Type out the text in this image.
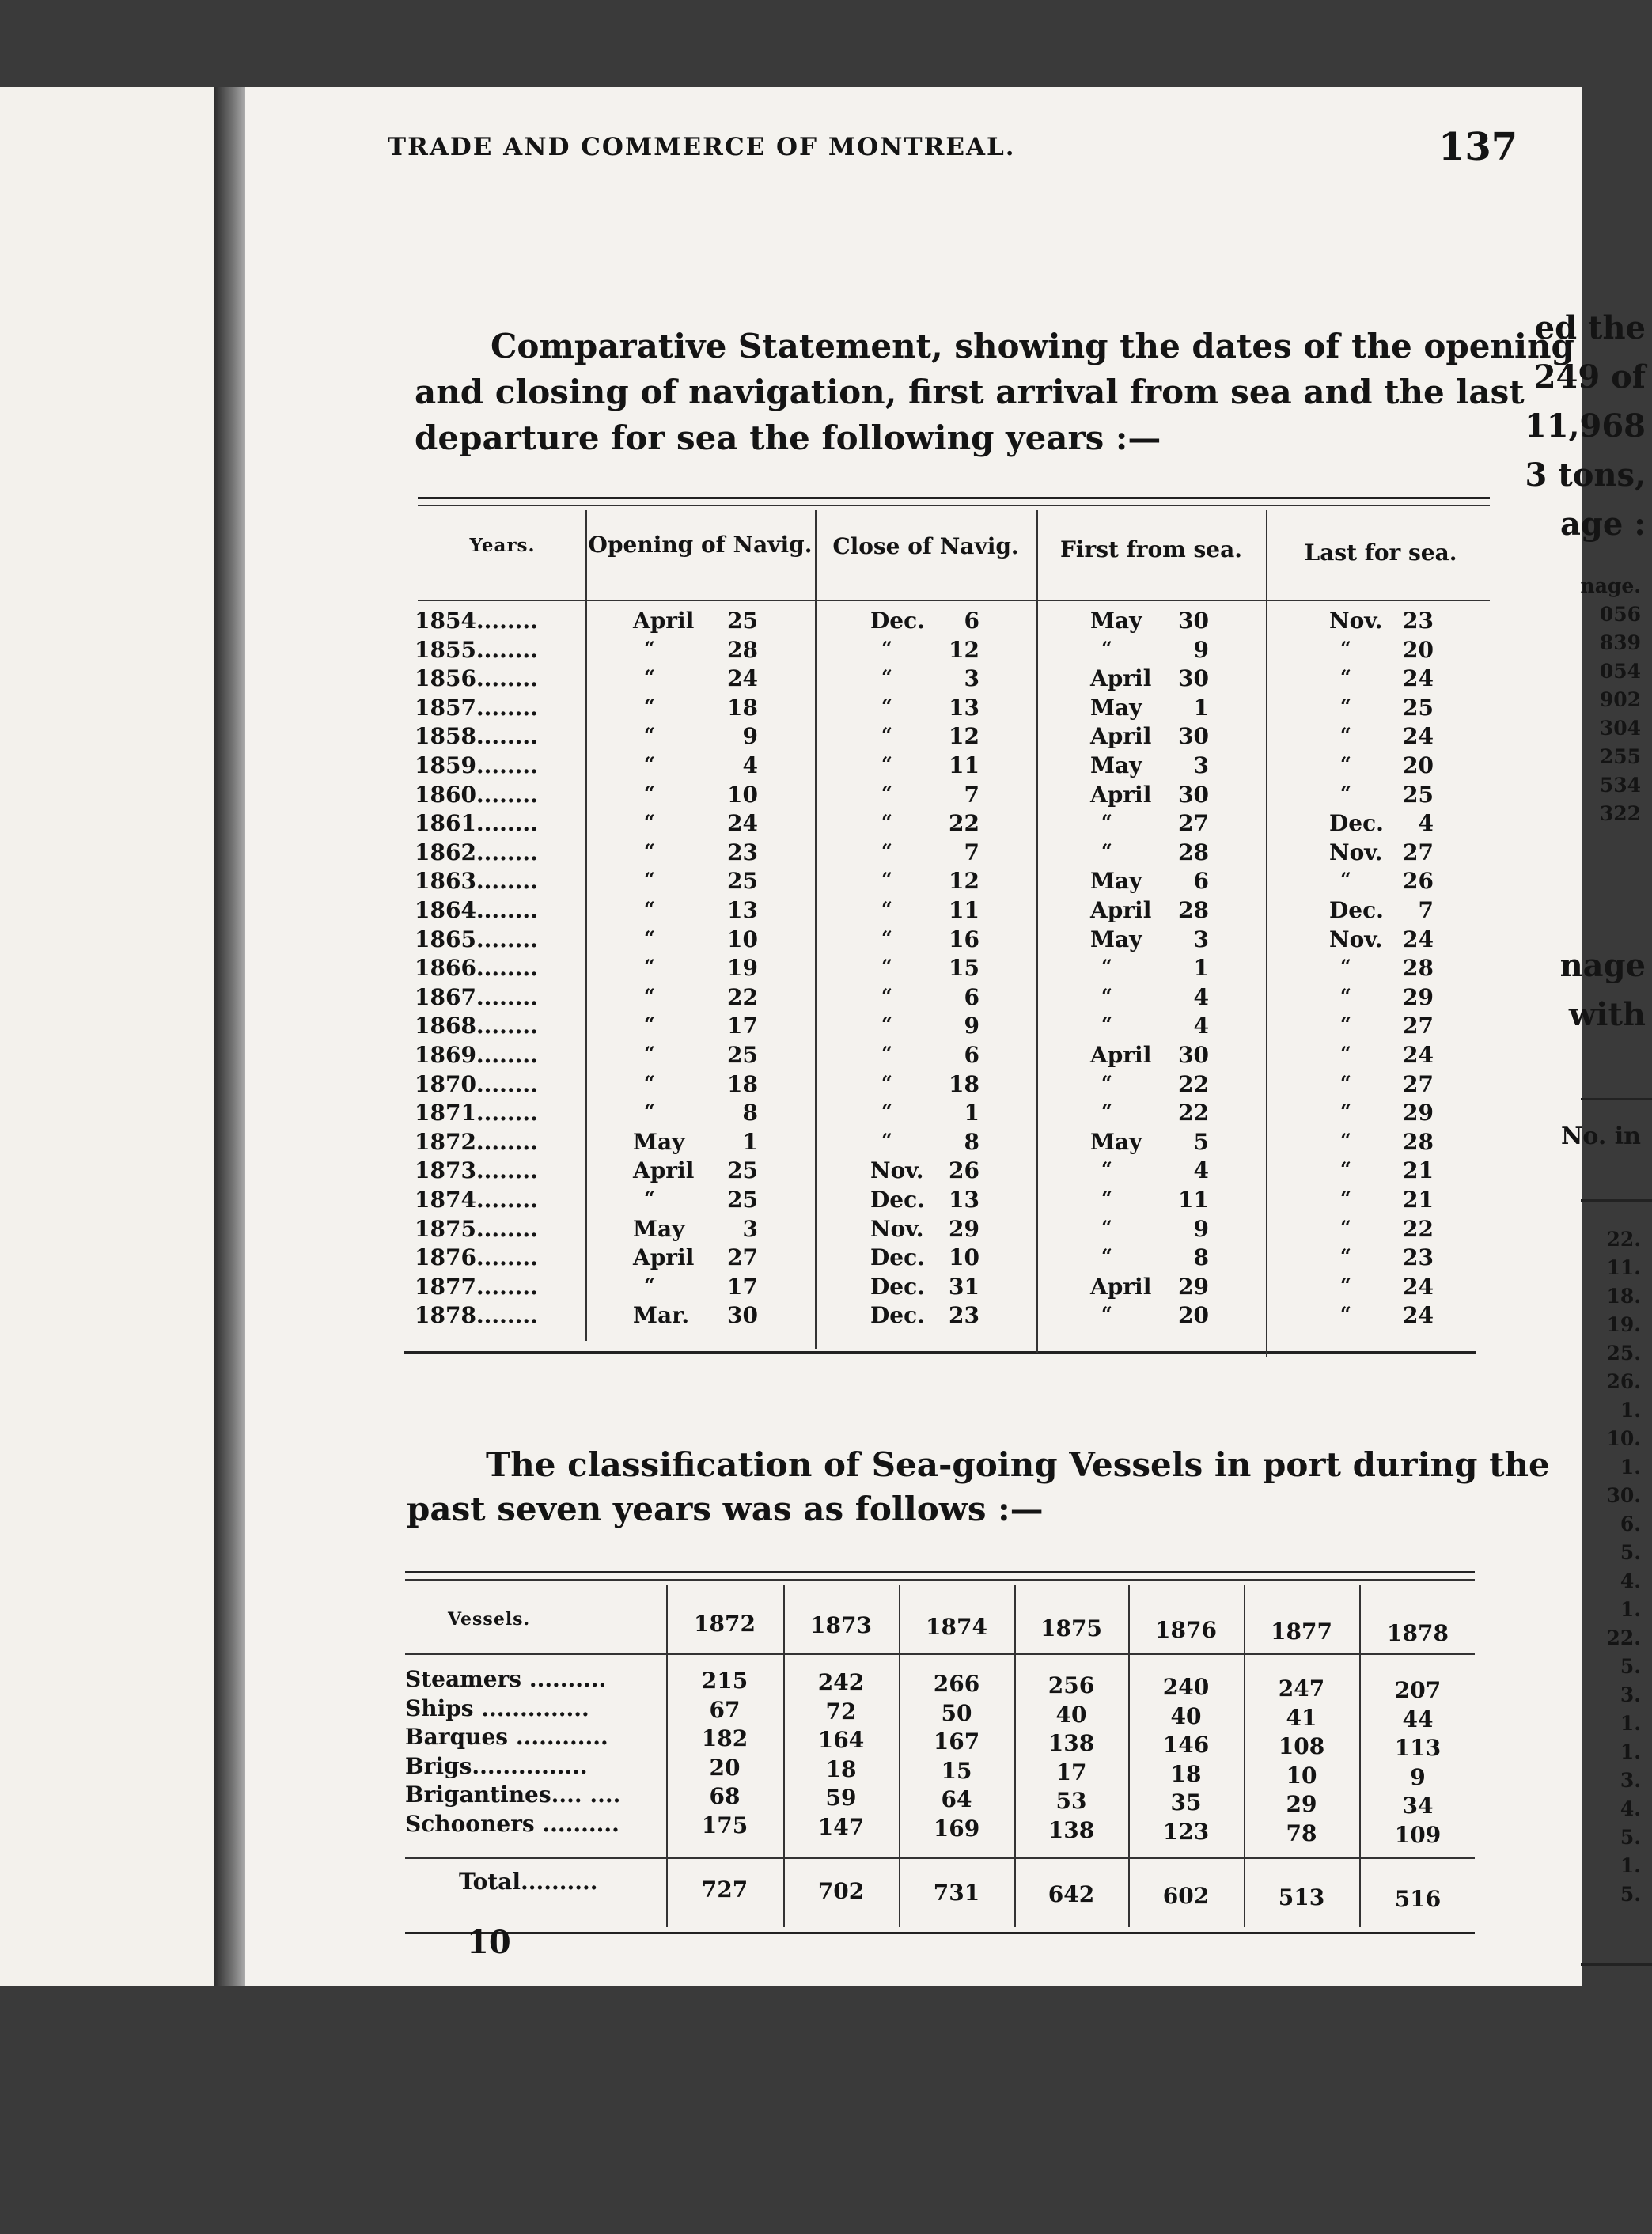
ed the
249 of
11,968
3 tons,
age :
nage.
056
839
054
902
304
255
534
322
nage
with
No. in
22.
11.
18.
19.
25.
26.
1.
10.
1.
30.
6.
5.
4.
1.
22.
5.
3.
1.
1.
3.
4.
5.
1.
5.
TRADE AND COMMERCE OF MONTREAL.	137

Comparative Statement, showing the dates of the opening

and closing of navigation, first arrival from sea and the last

departure for sea the following years :—

Years.	Opening of Navig. Close of Navig.	First from sea.	Last for sea.
1854........	April	25	Dec.	6	May	30	Nov. 23
1855........	“	28	“	12	“	9	“	20
1856........	“	24	“	3	April	30	“	24
1857........	“	18	“	13	May	1	“	25
1858........	“	9	“	12	April	30	“	24
1859........	“	4	“	11	May	3	“	20
1860........	“	10	“	7	April	30	“	25
1861........	“	24	“	22	“	27	Dec.	4
1862........	“	23	“	7	“	28	Nov. 27
1863........	“	25	“	12	May	6	“	26
1864........	“	13	“	11	April	28	Dec.	7
1865........	“	10	“	16	May	3	Nov. 24
1866........	“	19	“	15	“	1	“	28
1867........	“	22	“	6	“	4	“	29
1868........	“	17	“	9	“	4	“	27
1869........	“	25	“	6	April	30	“	24
1870........	“	18	“	18	“	22	“	27
1871........	“	8	“	1	“	22	“	29
1872........	May	1	“	8	May	5	“	28
1873........	April	25	Nov.	26	“	4	“	21
1874........	“	25	Dec.	13	“	11	“	21
1875........	May	3	Nov.	29	“	9	“	22
1876........	April	27	Dec.	10	“	8	“	23
1877........	“	17	Dec.	31	April	29	“	24
1878........	Mar.	30	Dec.	23	“	20	“	24

The classification of Sea-going Vessels in port during the

past seven years was as follows :—

Vessels.	1872	1873	1874	1875	1876	1877	1878
Steamers ..........	215	242	266	256	240	247	207
Ships ..............	67	72	50	40	40	41	44
Barques ............	182	164	167	138	146	108	113
Brigs...............	20	18	15	17	18	10	9
Brigantines.... ....	68	59	64	53	35	29	34
Schooners ..........	175	147	169	138	123	78	109
Total..........	727	702	731	642	602	513	516
10
